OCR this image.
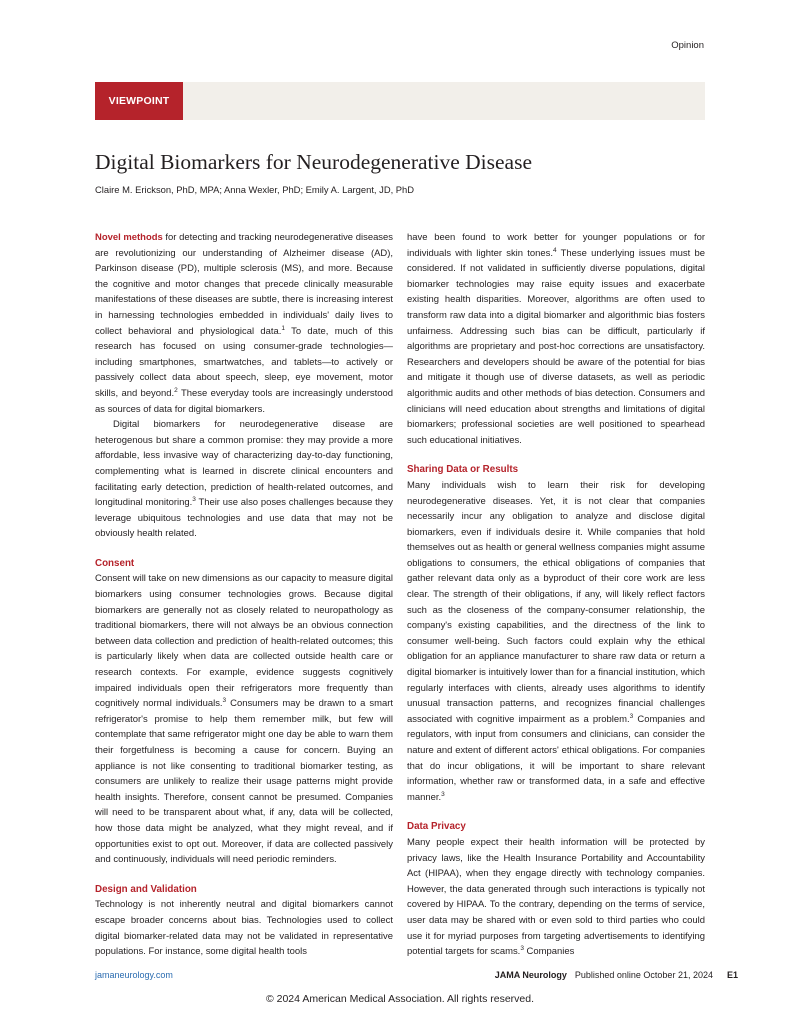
Opinion
VIEWPOINT
Digital Biomarkers for Neurodegenerative Disease
Claire M. Erickson, PhD, MPA; Anna Wexler, PhD; Emily A. Largent, JD, PhD

Novel methods for detecting and tracking neurodegenerative diseases are revolutionizing our understanding of Alzheimer disease (AD), Parkinson disease (PD), multiple sclerosis (MS), and more. Because the cognitive and motor changes that precede clinically measurable manifestations of these diseases are subtle, there is increasing interest in harnessing technologies embedded in individuals' daily lives to collect behavioral and physiological data.$^1$ To date, much of this research has focused on using consumer-grade technologies—including smartphones, smartwatches, and tablets—to actively or passively collect data about speech, sleep, eye movement, motor skills, and beyond.$^2$ These everyday tools are increasingly understood as sources of data for digital biomarkers.

Digital biomarkers for neurodegenerative disease are heterogenous but share a common promise: they may provide a more affordable, less invasive way of characterizing day-to-day functioning, complementing what is learned in discrete clinical encounters and facilitating early detection, prediction of health-related outcomes, and longitudinal monitoring.$^3$ Their use also poses challenges because they leverage ubiquitous technologies and use data that may not be obviously health related.

Consent

Consent will take on new dimensions as our capacity to measure digital biomarkers using consumer technologies grows. Because digital biomarkers are generally not as closely related to neuropathology as traditional biomarkers, there will not always be an obvious connection between data collection and prediction of health-related outcomes; this is particularly likely when data are collected outside health care or research contexts. For example, evidence suggests cognitively impaired individuals open their refrigerators more frequently than cognitively normal individuals.$^3$ Consumers may be drawn to a smart refrigerator's promise to help them remember milk, but few will contemplate that same refrigerator might one day be able to warn them their forgetfulness is becoming a cause for concern. Buying an appliance is not like consenting to traditional biomarker testing, as consumers are unlikely to realize their usage patterns might provide health insights. Therefore, consent cannot be presumed. Companies will need to be transparent about what, if any, data will be collected, how those data might be analyzed, what they might reveal, and if opportunities exist to opt out. Moreover, if data are collected passively and continuously, individuals will need periodic reminders.

Design and Validation

Technology is not inherently neutral and digital biomarkers cannot escape broader concerns about bias. Technologies used to collect digital biomarker-related data may not be validated in representative populations. For instance, some digital health tools

have been found to work better for younger populations or for individuals with lighter skin tones.$^4$ These underlying issues must be considered. If not validated in sufficiently diverse populations, digital biomarker technologies may raise equity issues and exacerbate existing health disparities. Moreover, algorithms are often used to transform raw data into a digital biomarker and algorithmic bias fosters unfairness. Addressing such bias can be difficult, particularly if algorithms are proprietary and post-hoc corrections are unsatisfactory. Researchers and developers should be aware of the potential for bias and mitigate it though use of diverse datasets, as well as periodic algorithmic audits and other methods of bias detection. Consumers and clinicians will need education about strengths and limitations of digital biomarkers; professional societies are well positioned to spearhead such educational initiatives.

Sharing Data or Results

Many individuals wish to learn their risk for developing neurodegenerative diseases. Yet, it is not clear that companies necessarily incur any obligation to analyze and disclose digital biomarkers, even if individuals desire it. While companies that hold themselves out as health or general wellness companies might assume obligations to consumers, the ethical obligations of companies that gather relevant data only as a byproduct of their core work are less clear. The strength of their obligations, if any, will likely reflect factors such as the closeness of the company-consumer relationship, the company's existing capabilities, and the directness of the link to consumer well-being. Such factors could explain why the ethical obligation for an appliance manufacturer to share raw data or return a digital biomarker is intuitively lower than for a financial institution, which regularly interfaces with clients, already uses algorithms to identify unusual transaction patterns, and recognizes financial challenges associated with cognitive impairment as a problem.$^3$ Companies and regulators, with input from consumers and clinicians, can consider the nature and extent of different actors' ethical obligations. For companies that do incur obligations, it will be important to share relevant information, whether raw or transformed data, in a safe and effective manner.$^3$

Data Privacy

Many people expect their health information will be protected by privacy laws, like the Health Insurance Portability and Accountability Act (HIPAA), when they engage directly with technology companies. However, the data generated through such interactions is typically not covered by HIPAA. To the contrary, depending on the terms of service, user data may be shared with or even sold to third parties who could use it for myriad purposes from targeting advertisements to identifying potential targets for scams.$^3$ Companies

jamaneurology.com	JAMA Neurology Published online October 21, 2024 E1
© 2024 American Medical Association. All rights reserved.
